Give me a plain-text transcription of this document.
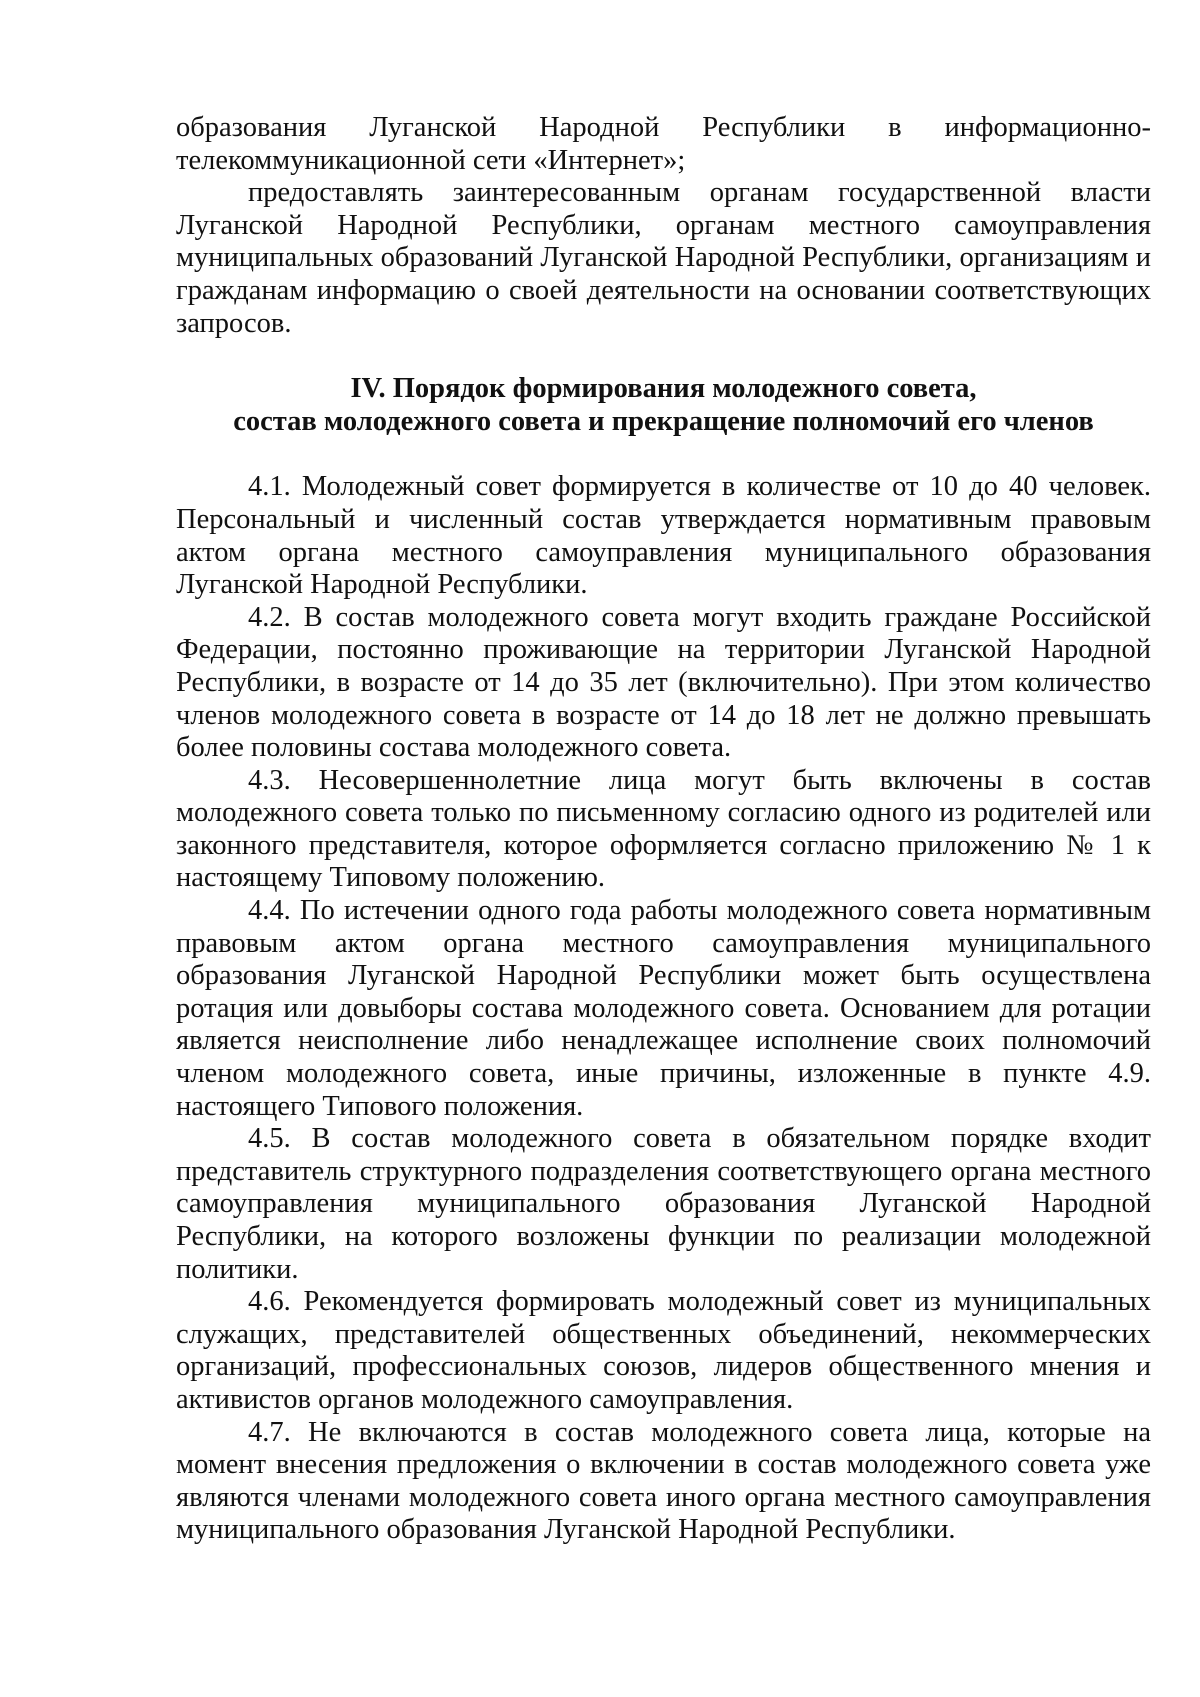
образования Луганской Народной Республики в информационно-телекоммуникационной сети «Интернет»;

предоставлять заинтересованным органам государственной власти Луганской Народной Республики, органам местного самоуправления муниципальных образований Луганской Народной Республики, организациям и гражданам информацию о своей деятельности на основании соответствующих запросов.

IV. Порядок формирования молодежного совета,
состав молодежного совета и прекращение полномочий его членов

4.1. Молодежный совет формируется в количестве от 10 до 40 человек. Персональный и численный состав утверждается нормативным правовым актом органа местного самоуправления муниципального образования Луганской Народной Республики.

4.2. В состав молодежного совета могут входить граждане Российской Федерации, постоянно проживающие на территории Луганской Народной Республики, в возрасте от 14 до 35 лет (включительно). При этом количество членов молодежного совета в возрасте от 14 до 18 лет не должно превышать более половины состава молодежного совета.

4.3. Несовершеннолетние лица могут быть включены в состав молодежного совета только по письменному согласию одного из родителей или законного представителя, которое оформляется согласно приложению № 1 к настоящему Типовому положению.

4.4. По истечении одного года работы молодежного совета нормативным правовым актом органа местного самоуправления муниципального образования Луганской Народной Республики может быть осуществлена ротация или довыборы состава молодежного совета. Основанием для ротации является неисполнение либо ненадлежащее исполнение своих полномочий членом молодежного совета, иные причины, изложенные в пункте 4.9. настоящего Типового положения.

4.5. В состав молодежного совета в обязательном порядке входит представитель структурного подразделения соответствующего органа местного самоуправления муниципального образования Луганской Народной Республики, на которого возложены функции по реализации молодежной политики.

4.6. Рекомендуется формировать молодежный совет из муниципальных служащих, представителей общественных объединений, некоммерческих организаций, профессиональных союзов, лидеров общественного мнения и активистов органов молодежного самоуправления.

4.7. Не включаются в состав молодежного совета лица, которые на момент внесения предложения о включении в состав молодежного совета уже являются членами молодежного совета иного органа местного самоуправления муниципального образования Луганской Народной Республики.
